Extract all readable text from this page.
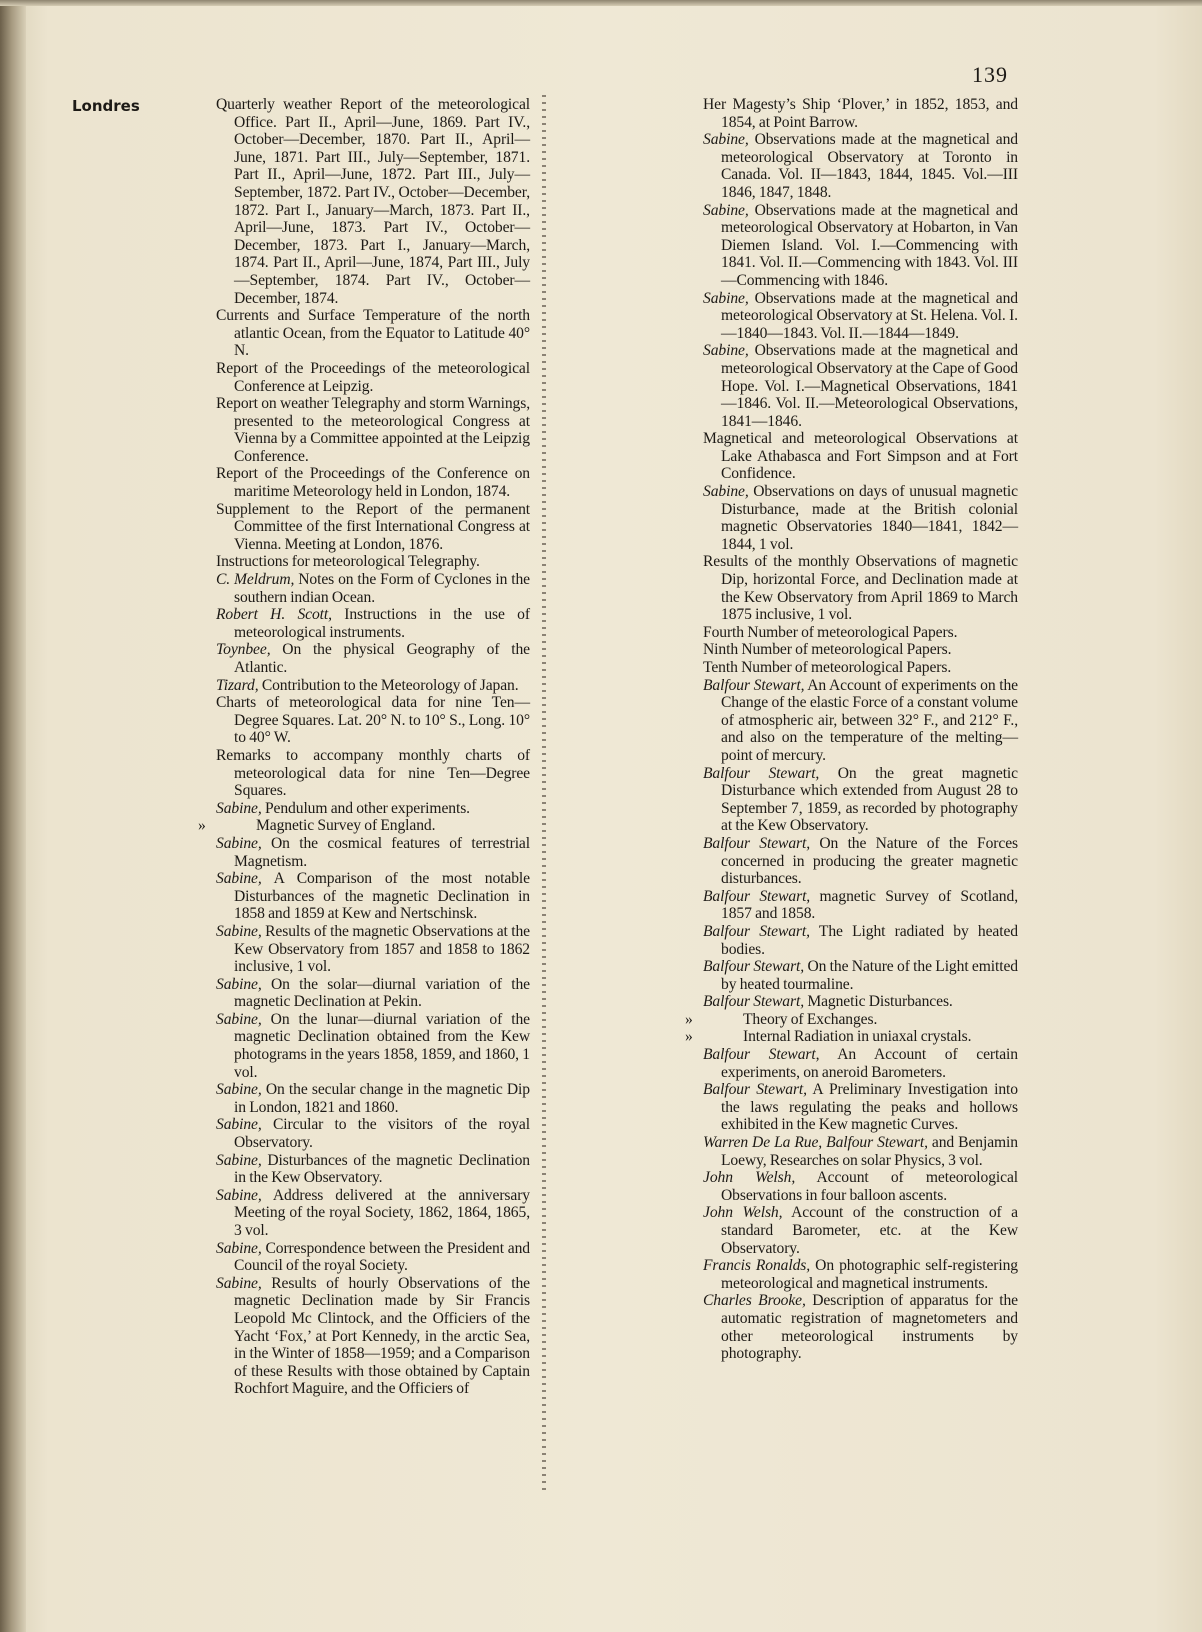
139
Londres	Quarterly weather Report of the meteorological Office. Part II., April—June, 1869. Part IV., October—December, 1870. Part II., April—June, 1871. Part III., July—September, 1871. Part II., April—June, 1872. Part III., July—September, 1872. Part IV., October—December, 1872. Part I., January—March, 1873. Part II., April—June, 1873. Part IV., October—December, 1873. Part I., January—March, 1874. Part II., April—June, 1874, Part III., July—September, 1874. Part IV., October—December, 1874.

Currents and Surface Temperature of the north atlantic Ocean, from the Equator to Latitude 40° N.

Report of the Proceedings of the meteorological Conference at Leipzig.

Report on weather Telegraphy and storm Warnings, presented to the meteorological Congress at Vienna by a Committee appointed at the Leipzig Conference.

Report of the Proceedings of the Conference on maritime Meteorology held in London, 1874.

Supplement to the Report of the permanent Committee of the first International Congress at Vienna. Meeting at London, 1876.

Instructions for meteorological Telegraphy.

C. Meldrum, Notes on the Form of Cyclones in the southern indian Ocean.

Robert H. Scott, Instructions in the use of meteorological instruments.

Toynbee, On the physical Geography of the Atlantic.

Tizard, Contribution to the Meteorology of Japan.

Charts of meteorological data for nine Ten—Degree Squares. Lat. 20° N. to 10° S., Long. 10° to 40° W.

Remarks to accompany monthly charts of meteorological data for nine Ten—Degree Squares.

Sabine, Pendulum and other experiments.

»	Magnetic Survey of England.

Sabine, On the cosmical features of terrestrial Magnetism.

Sabine, A Comparison of the most notable Disturbances of the magnetic Declination in 1858 and 1859 at Kew and Nertschinsk.

Sabine, Results of the magnetic Observations at the Kew Observatory from 1857 and 1858 to 1862 inclusive, 1 vol.

Sabine, On the solar—diurnal variation of the magnetic Declination at Pekin.

Sabine, On the lunar—diurnal variation of the magnetic Declination obtained from the Kew photograms in the years 1858, 1859, and 1860, 1 vol.

Sabine, On the secular change in the magnetic Dip in London, 1821 and 1860.

Sabine, Circular to the visitors of the royal Observatory.

Sabine, Disturbances of the magnetic Declination in the Kew Observatory.

Sabine, Address delivered at the anniversary Meeting of the royal Society, 1862, 1864, 1865, 3 vol.

Sabine, Correspondence between the President and Council of the royal Society.

Sabine, Results of hourly Observations of the magnetic Declination made by Sir Francis Leopold Mc Clintock, and the Officiers of the Yacht ‘Fox,’ at Port Kennedy, in the arctic Sea, in the Winter of 1858—1959; and a Comparison of these Results with those obtained by Captain Rochfort Maguire, and the Officiers of

Her Magesty’s Ship ‘Plover,’ in 1852, 1853, and 1854, at Point Barrow.

Sabine, Observations made at the magnetical and meteorological Observatory at Toronto in Canada. Vol. II—1843, 1844, 1845. Vol.—III 1846, 1847, 1848.

Sabine, Observations made at the magnetical and meteorological Observatory at Hobarton, in Van Diemen Island. Vol. I.—Commencing with 1841. Vol. II.—Commencing with 1843. Vol. III—Commencing with 1846.

Sabine, Observations made at the magnetical and meteorological Observatory at St. Helena. Vol. I.—1840—1843. Vol. II.—1844—1849.

Sabine, Observations made at the magnetical and meteorological Observatory at the Cape of Good Hope. Vol. I.—Magnetical Observations, 1841—1846. Vol. II.—Meteorological Observations, 1841—1846.

Magnetical and meteorological Observations at Lake Athabasca and Fort Simpson and at Fort Confidence.

Sabine, Observations on days of unusual magnetic Disturbance, made at the British colonial magnetic Observatories 1840—1841, 1842—1844, 1 vol.

Results of the monthly Observations of magnetic Dip, horizontal Force, and Declination made at the Kew Observatory from April 1869 to March 1875 inclusive, 1 vol.

Fourth Number of meteorological Papers.

Ninth Number of meteorological Papers.

Tenth Number of meteorological Papers.

Balfour Stewart, An Account of experiments on the Change of the elastic Force of a constant volume of atmospheric air, between 32° F., and 212° F., and also on the temperature of the melting—point of mercury.

Balfour Stewart, On the great magnetic Disturbance which extended from August 28 to September 7, 1859, as recorded by photography at the Kew Observatory.

Balfour Stewart, On the Nature of the Forces concerned in producing the greater magnetic disturbances.

Balfour Stewart, magnetic Survey of Scotland, 1857 and 1858.

Balfour Stewart, The Light radiated by heated bodies.

Balfour Stewart, On the Nature of the Light emitted by heated tourmaline.

Balfour Stewart, Magnetic Disturbances.

»	Theory of Exchanges.

»	Internal Radiation in uniaxal crystals.

Balfour Stewart, An Account of certain experiments, on aneroid Barometers.

Balfour Stewart, A Preliminary Investigation into the laws regulating the peaks and hollows exhibited in the Kew magnetic Curves.

Warren De La Rue, Balfour Stewart, and Benjamin Loewy, Researches on solar Physics, 3 vol.

John Welsh, Account of meteorological Observations in four balloon ascents.

John Welsh, Account of the construction of a standard Barometer, etc. at the Kew Observatory.

Francis Ronalds, On photographic self-registering meteorological and magnetical instruments.

Charles Brooke, Description of apparatus for the automatic registration of magnetometers and other meteorological instruments by photography.
